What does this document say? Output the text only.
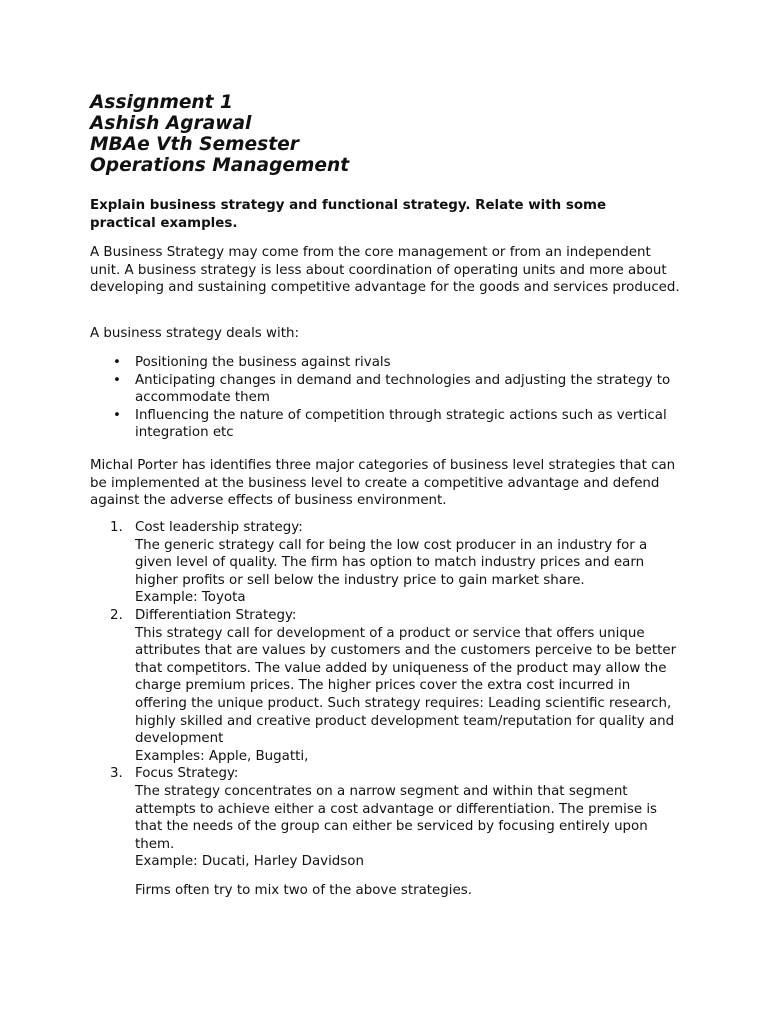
Assignment 1
Ashish Agrawal
MBAe Vth Semester
Operations Management

Explain business strategy and functional strategy. Relate with some practical examples.

A Business Strategy may come from the core management or from an independent unit. A business strategy is less about coordination of operating units and more about developing and sustaining competitive advantage for the goods and services produced.

A business strategy deals with:

• Positioning the business against rivals
• Anticipating changes in demand and technologies and adjusting the strategy to accommodate them
• Influencing the nature of competition through strategic actions such as vertical integration etc

Michal Porter has identifies three major categories of business level strategies that can be implemented at the business level to create a competitive advantage and defend against the adverse effects of business environment.

1. Cost leadership strategy:
The generic strategy call for being the low cost producer in an industry for a given level of quality. The firm has option to match industry prices and earn higher profits or sell below the industry price to gain market share.
Example: Toyota
2. Differentiation Strategy:
This strategy call for development of a product or service that offers unique attributes that are values by customers and the customers perceive to be better that competitors. The value added by uniqueness of the product may allow the charge premium prices. The higher prices cover the extra cost incurred in offering the unique product. Such strategy requires: Leading scientific research, highly skilled and creative product development team/reputation for quality and development
Examples: Apple, Bugatti,
3. Focus Strategy:
The strategy concentrates on a narrow segment and within that segment attempts to achieve either a cost advantage or differentiation. The premise is that the needs of the group can either be serviced by focusing entirely upon them.
Example: Ducati, Harley Davidson

Firms often try to mix two of the above strategies.
